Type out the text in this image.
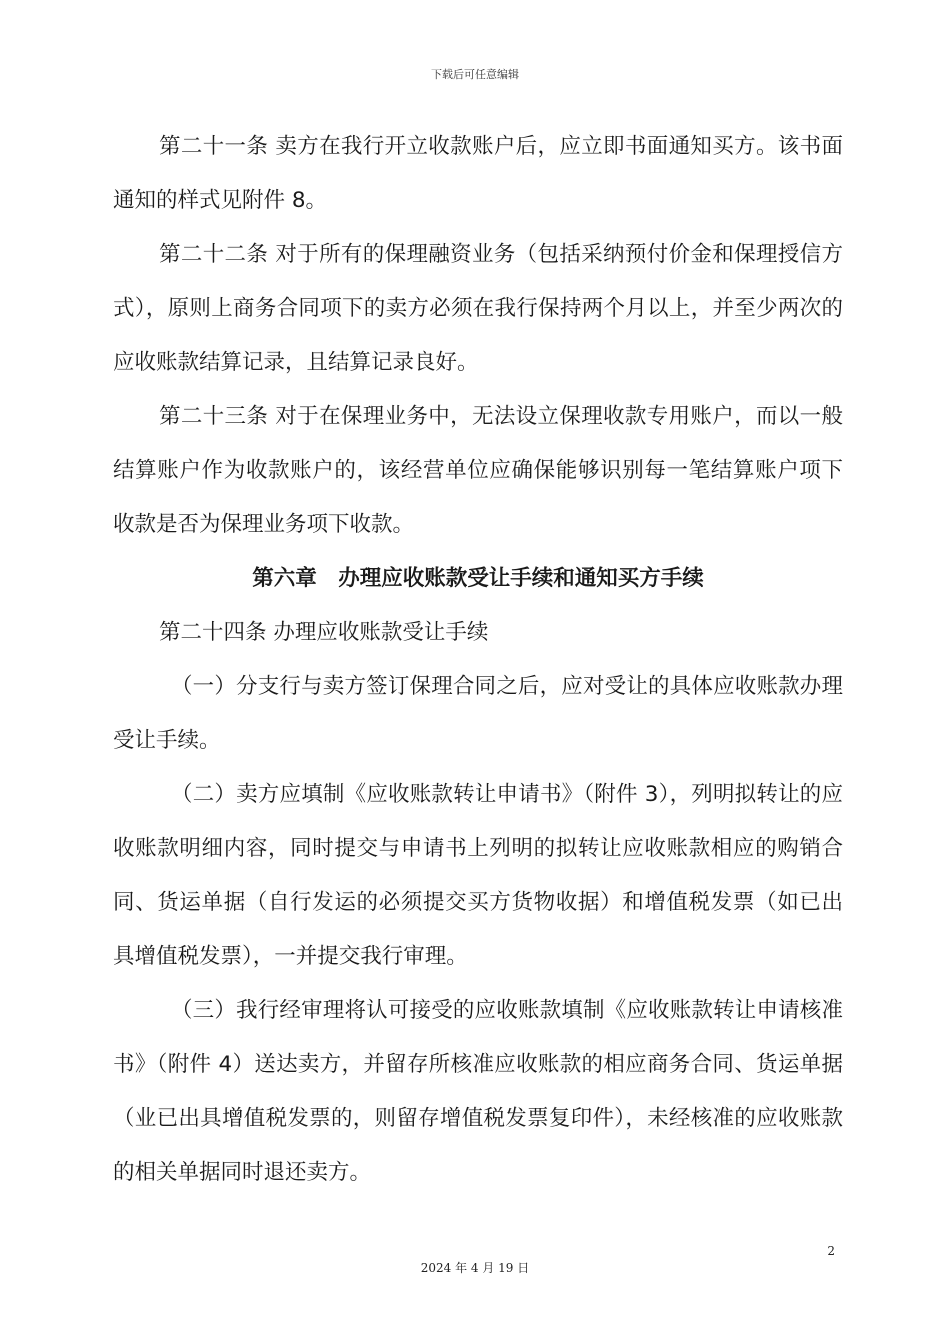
下载后可任意编辑

第二十一条 卖方在我行开立收款账户后，应立即书面通知买方。该书面通知的样式见附件 8。

第二十二条 对于所有的保理融资业务（包括采纳预付价金和保理授信方式），原则上商务合同项下的卖方必须在我行保持两个月以上，并至少两次的应收账款结算记录，且结算记录良好。

第二十三条 对于在保理业务中，无法设立保理收款专用账户，而以一般结算账户作为收款账户的，该经营单位应确保能够识别每一笔结算账户项下收款是否为保理业务项下收款。

第六章　办理应收账款受让手续和通知买方手续

第二十四条 办理应收账款受让手续

（一）分支行与卖方签订保理合同之后，应对受让的具体应收账款办理受让手续。

（二）卖方应填制《应收账款转让申请书》（附件 3），列明拟转让的应收账款明细内容，同时提交与申请书上列明的拟转让应收账款相应的购销合同、货运单据（自行发运的必须提交买方货物收据）和增值税发票（如已出具增值税发票），一并提交我行审理。

（三）我行经审理将认可接受的应收账款填制《应收账款转让申请核准书》（附件 4）送达卖方，并留存所核准应收账款的相应商务合同、货运单据（业已出具增值税发票的，则留存增值税发票复印件），未经核准的应收账款的相关单据同时退还卖方。

2
2024 年 4 月 19 日
